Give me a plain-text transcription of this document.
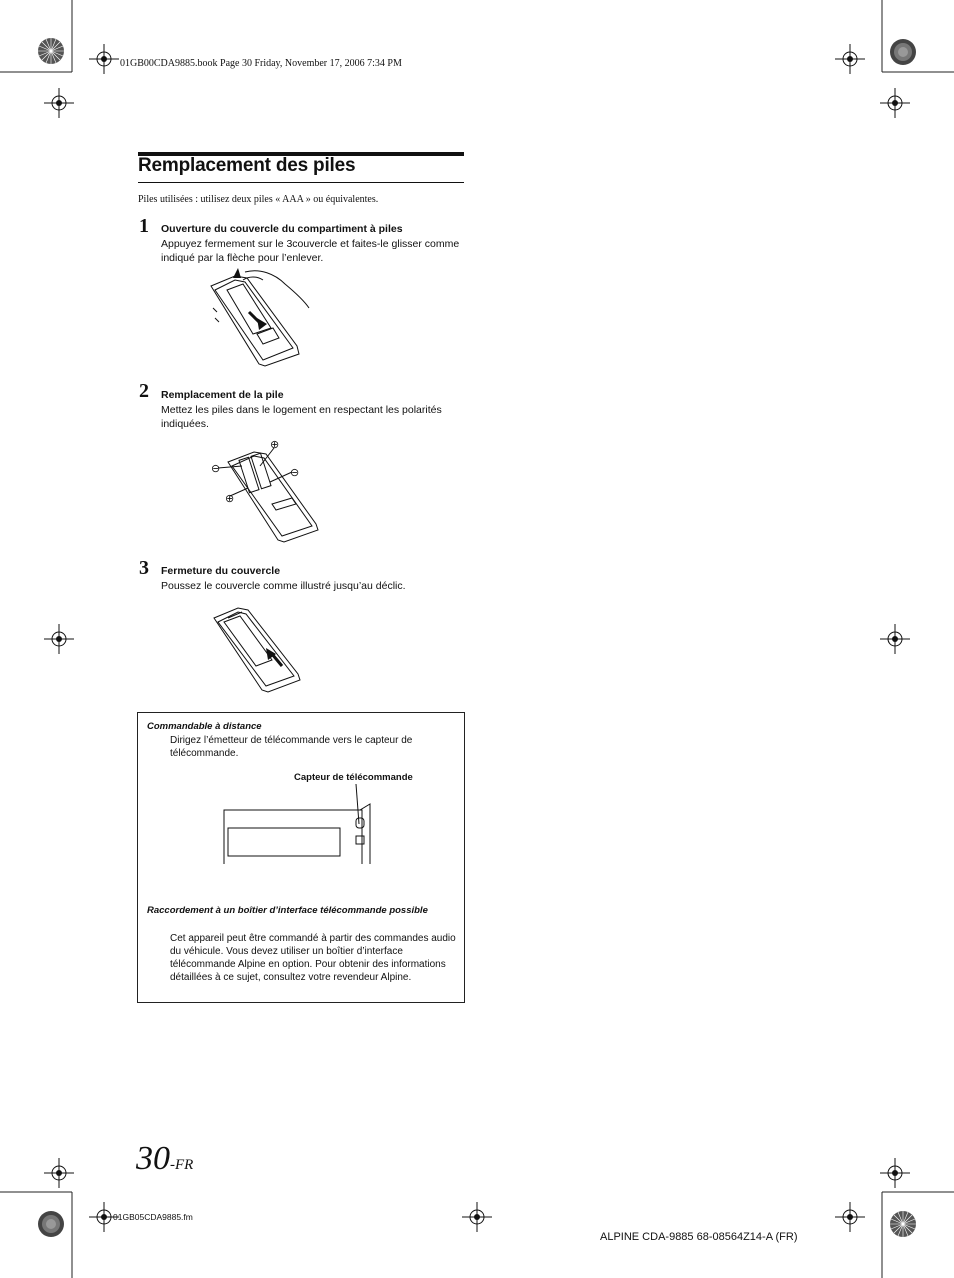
01GB00CDA9885.book Page 30 Friday, November 17, 2006 7:34 PM
Remplacement des piles
Piles utilisées : utilisez deux piles « AAA » ou équivalentes.
1 Ouverture du couvercle du compartiment à piles
Appuyez fermement sur le 3couvercle et faites-le glisser comme indiqué par la flèche pour l’enlever.
2 Remplacement de la pile
Mettez les piles dans le logement en respectant les polarités indiquées.
⊖
⊕
⊖
⊕
3 Fermeture du couvercle
Poussez le couvercle comme illustré jusqu’au déclic.
Commandable à distance
Dirigez l’émetteur de télécommande vers le capteur de télécommande.
Capteur de télécommande
Raccordement à un boîtier d’interface télécommande possible
Cet appareil peut être commandé à partir des commandes audio du véhicule. Vous devez utiliser un boîtier d’interface télécommande Alpine en option. Pour obtenir des informations détaillées à ce sujet, consultez votre revendeur Alpine.
30-FR
01GB05CDA9885.fm
ALPINE CDA-9885 68-08564Z14-A (FR)
